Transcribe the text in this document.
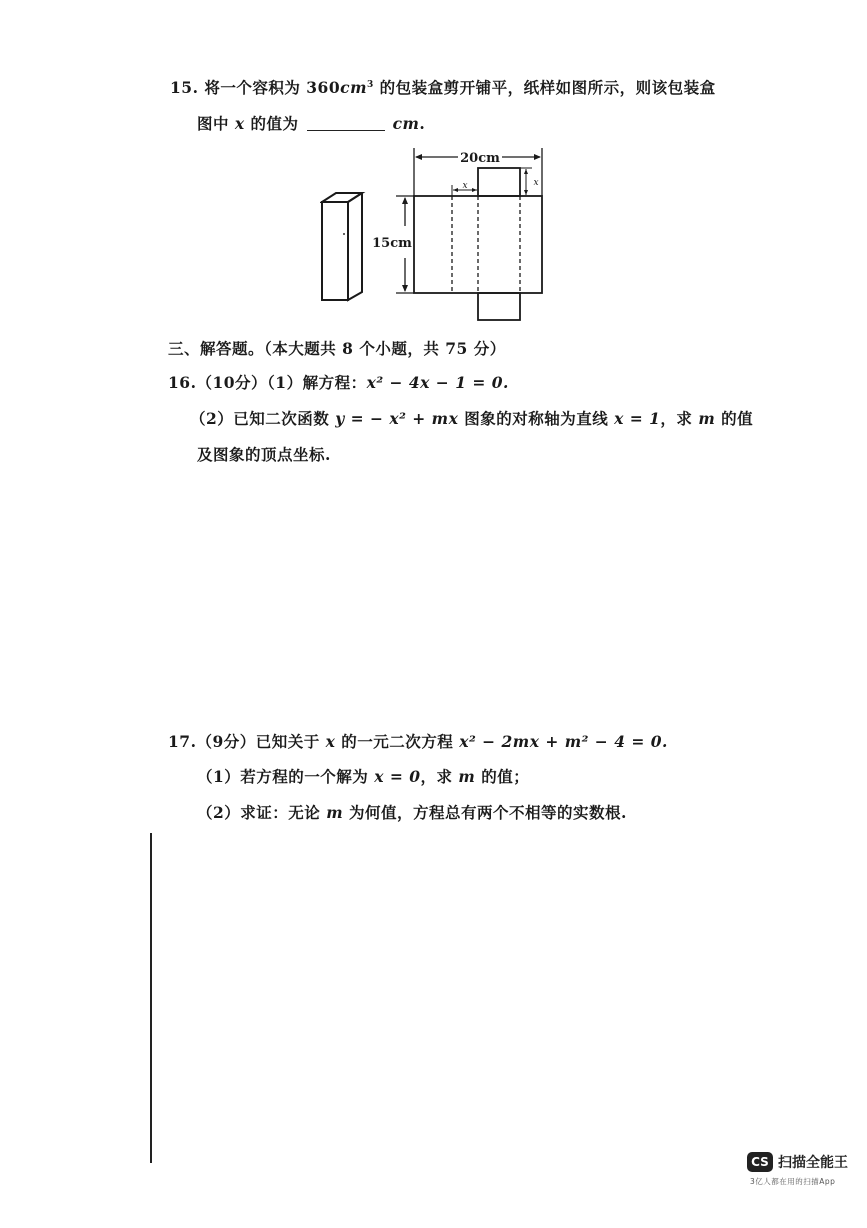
15. 将一个容积为 $360cm^3$ 的包装盒剪开铺平，纸样如图所示，则该包装盒
图中 x 的值为	cm.
20cm
15cm
x	x
三、解答题。（本大题共 8 个小题，共 75 分）
16.（10分）（1）解方程：x² − 4x − 1 = 0.
（2）已知二次函数 y = − x² + mx 图象的对称轴为直线 x = 1，求 m 的值
及图象的顶点坐标.
17.（9分）已知关于 x 的一元二次方程 x² − 2mx + m² − 4 = 0.
（1）若方程的一个解为 x = 0，求 m 的值；
（2）求证：无论 m 为何值，方程总有两个不相等的实数根.
CS 扫描全能王
3亿人都在用的扫描App
